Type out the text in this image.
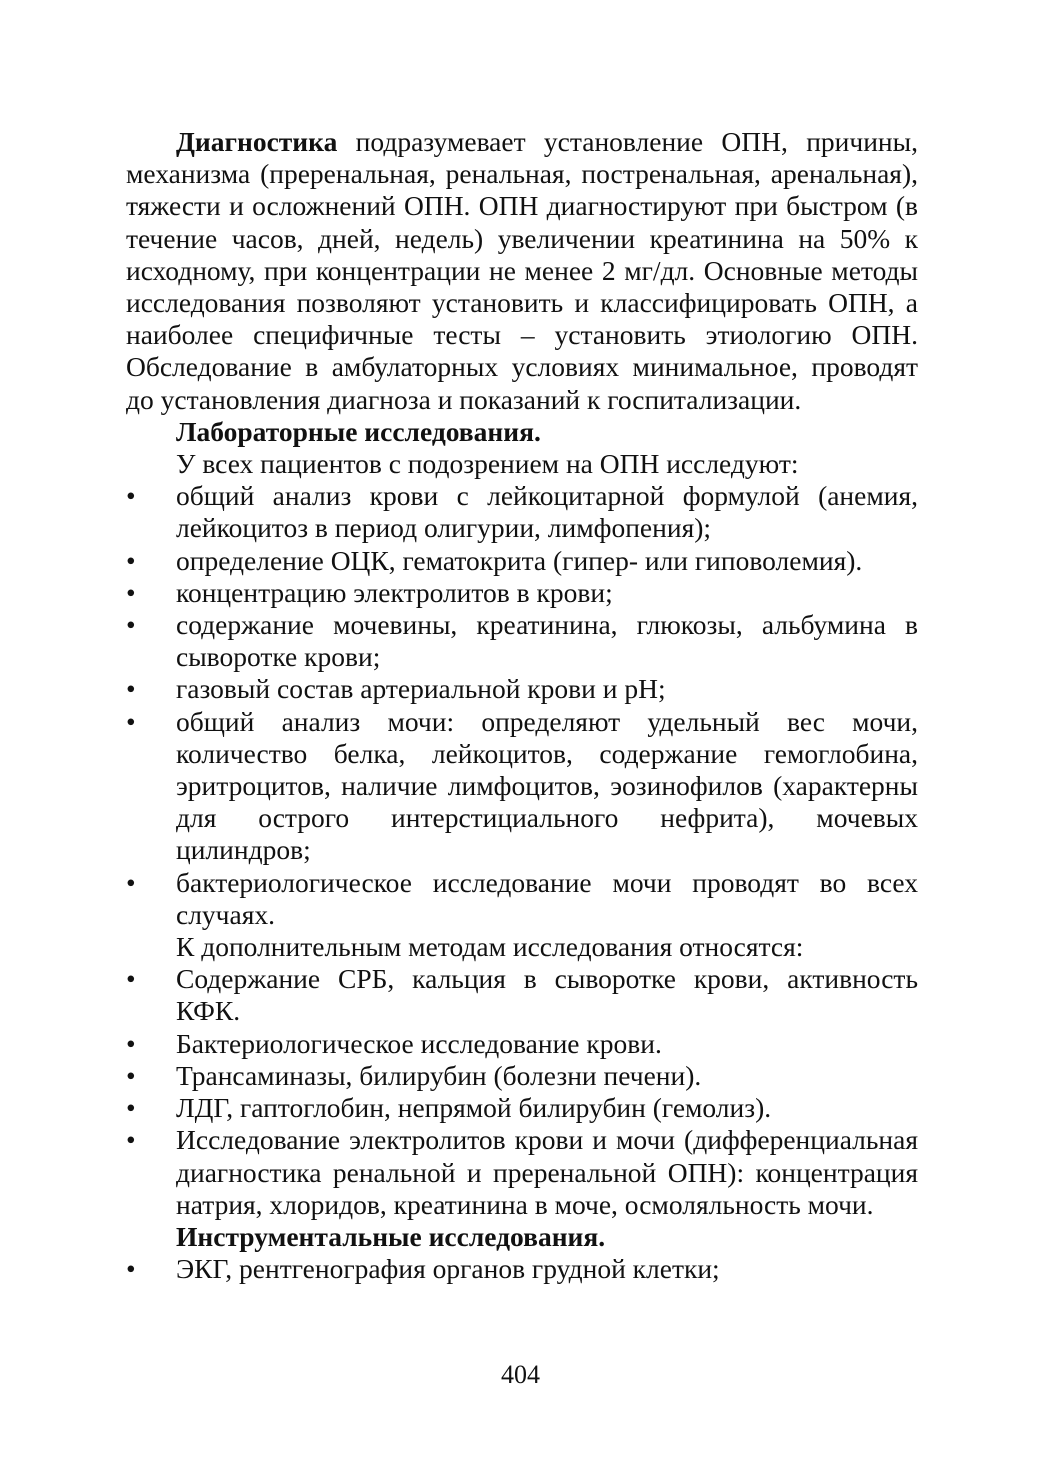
Диагностика подразумевает установление ОПН, причины, механизма (преренальная, ренальная, постренальная, аренальная), тяжести и осложнений ОПН. ОПН диагностируют при быстром (в течение часов, дней, недель) увеличении креатинина на 50% к исходному, при концентрации не менее 2 мг/дл. Основные методы исследования позволяют установить и классифицировать ОПН, а наиболее специфичные тесты – установить этиологию ОПН. Обследование в амбулаторных условиях минимальное, проводят до установления диагноза и показаний к госпитализации.

Лабораторные исследования.

У всех пациентов с подозрением на ОПН исследуют:

•	общий анализ крови с лейкоцитарной формулой (анемия, лейкоцитоз в период олигурии, лимфопения);
•	определение ОЦК, гематокрита (гипер- или гиповолемия).
•	концентрацию электролитов в крови;
•	содержание мочевины, креатинина, глюкозы, альбумина в сыворотке крови;
•	газовый состав артериальной крови и pH;
•	общий анализ мочи: определяют удельный вес мочи, количество белка, лейкоцитов, содержание гемоглобина, эритроцитов, наличие лимфоцитов, эозинофилов (характерны для острого интерстициального нефрита), мочевых цилиндров;
•	бактериологическое исследование мочи проводят во всех случаях.

К дополнительным методам исследования относятся:

•	Содержание СРБ, кальция в сыворотке крови, активность КФК.
•	Бактериологическое исследование крови.
•	Трансаминазы, билирубин (болезни печени).
•	ЛДГ, гаптоглобин, непрямой билирубин (гемолиз).
•	Исследование электролитов крови и мочи (дифференциальная диагностика ренальной и преренальной ОПН): концентрация натрия, хлоридов, креатинина в моче, осмоляльность мочи.

Инструментальные исследования.

•	ЭКГ, рентгенография органов грудной клетки;
404
